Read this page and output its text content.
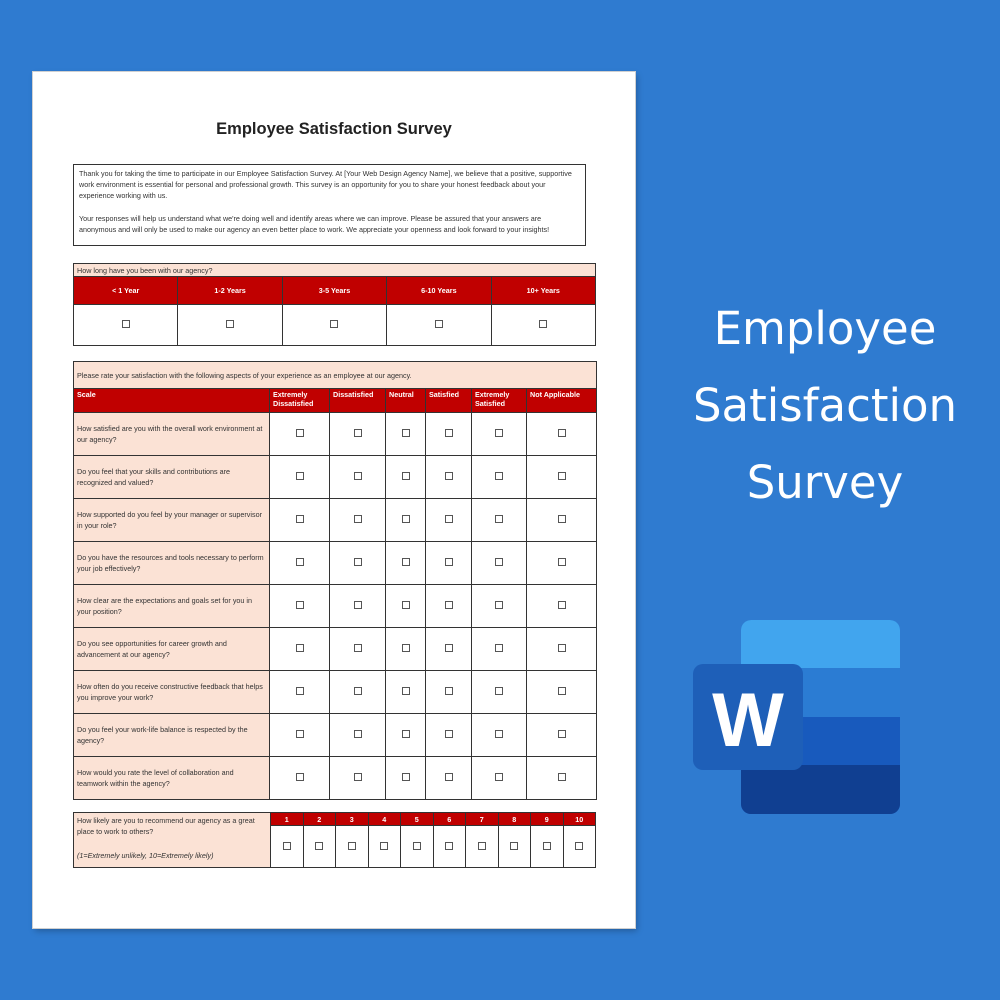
Employee Satisfaction Survey

Thank you for taking the time to participate in our Employee Satisfaction Survey. At [Your Web Design Agency Name], we believe that a positive, supportive work environment is essential for personal and professional growth. This survey is an opportunity for you to share your honest feedback about your experience working with us.

Your responses will help us understand what we're doing well and identify areas where we can improve. Please be assured that your answers are anonymous and will only be used to make our agency an even better place to work. We appreciate your openness and look forward to your insights!

How long have you been with our agency?				
< 1 Year	1-2 Years	3-5 Years	6-10 Years	10+ Years

Please rate your satisfaction with the following aspects of your experience as an employee at our agency.						
Scale	Extremely Dissatisfied	Dissatisfied	Neutral	Satisfied	Extremely Satisfied	Not Applicable
How satisfied are you with the overall work environment at our agency?						
Do you feel that your skills and contributions are recognized and valued?						
How supported do you feel by your manager or supervisor in your role?						
Do you have the resources and tools necessary to perform your job effectively?						
How clear are the expectations and goals set for you in your position?						
Do you see opportunities for career growth and advancement at our agency?						
How often do you receive constructive feedback that helps you improve your work?						
Do you feel your work-life balance is respected by the agency?						
How would you rate the level of collaboration and teamwork within the agency?						
How likely are you to recommend our agency as a great place to work to others?
(1=Extremely unlikely, 10=Extremely likely)	1	2	3	4	5	6	7	8	9	10

Employee
Satisfaction
Survey
W
